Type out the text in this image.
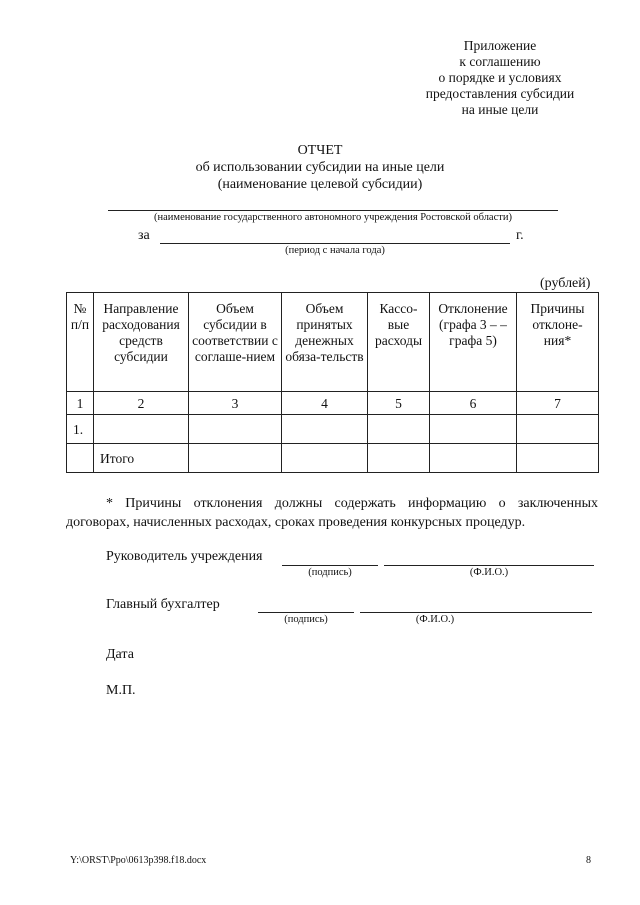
Приложение
к соглашению
о порядке и условиях
предоставления субсидии
на иные цели
ОТЧЕТ
об использовании субсидии на иные цели
(наименование целевой субсидии)
(наименование государственного автономного учреждения Ростовской области)
за	г.
(период с начала года)
(рублей)
№ п/п	Направление расходования средств субсидии	Объем субсидии в соответствии с соглаше-нием	Объем принятых денежных обяза-тельств	Кассо-вые расходы	Отклонение (графа 3 – – графа 5)	Причины отклоне-ния*
1	2	3	4	5	6	7
1.						
	Итого					
* Причины отклонения должны содержать информацию о заключенных
договорах, начисленных расходах, сроках проведения конкурсных процедур.
Руководитель учреждения
(подпись)	(Ф.И.О.)
Главный бухгалтер
(подпись)	(Ф.И.О.)
Дата
М.П.
Y:\ORST\Ppo\0613p398.f18.docx	8
